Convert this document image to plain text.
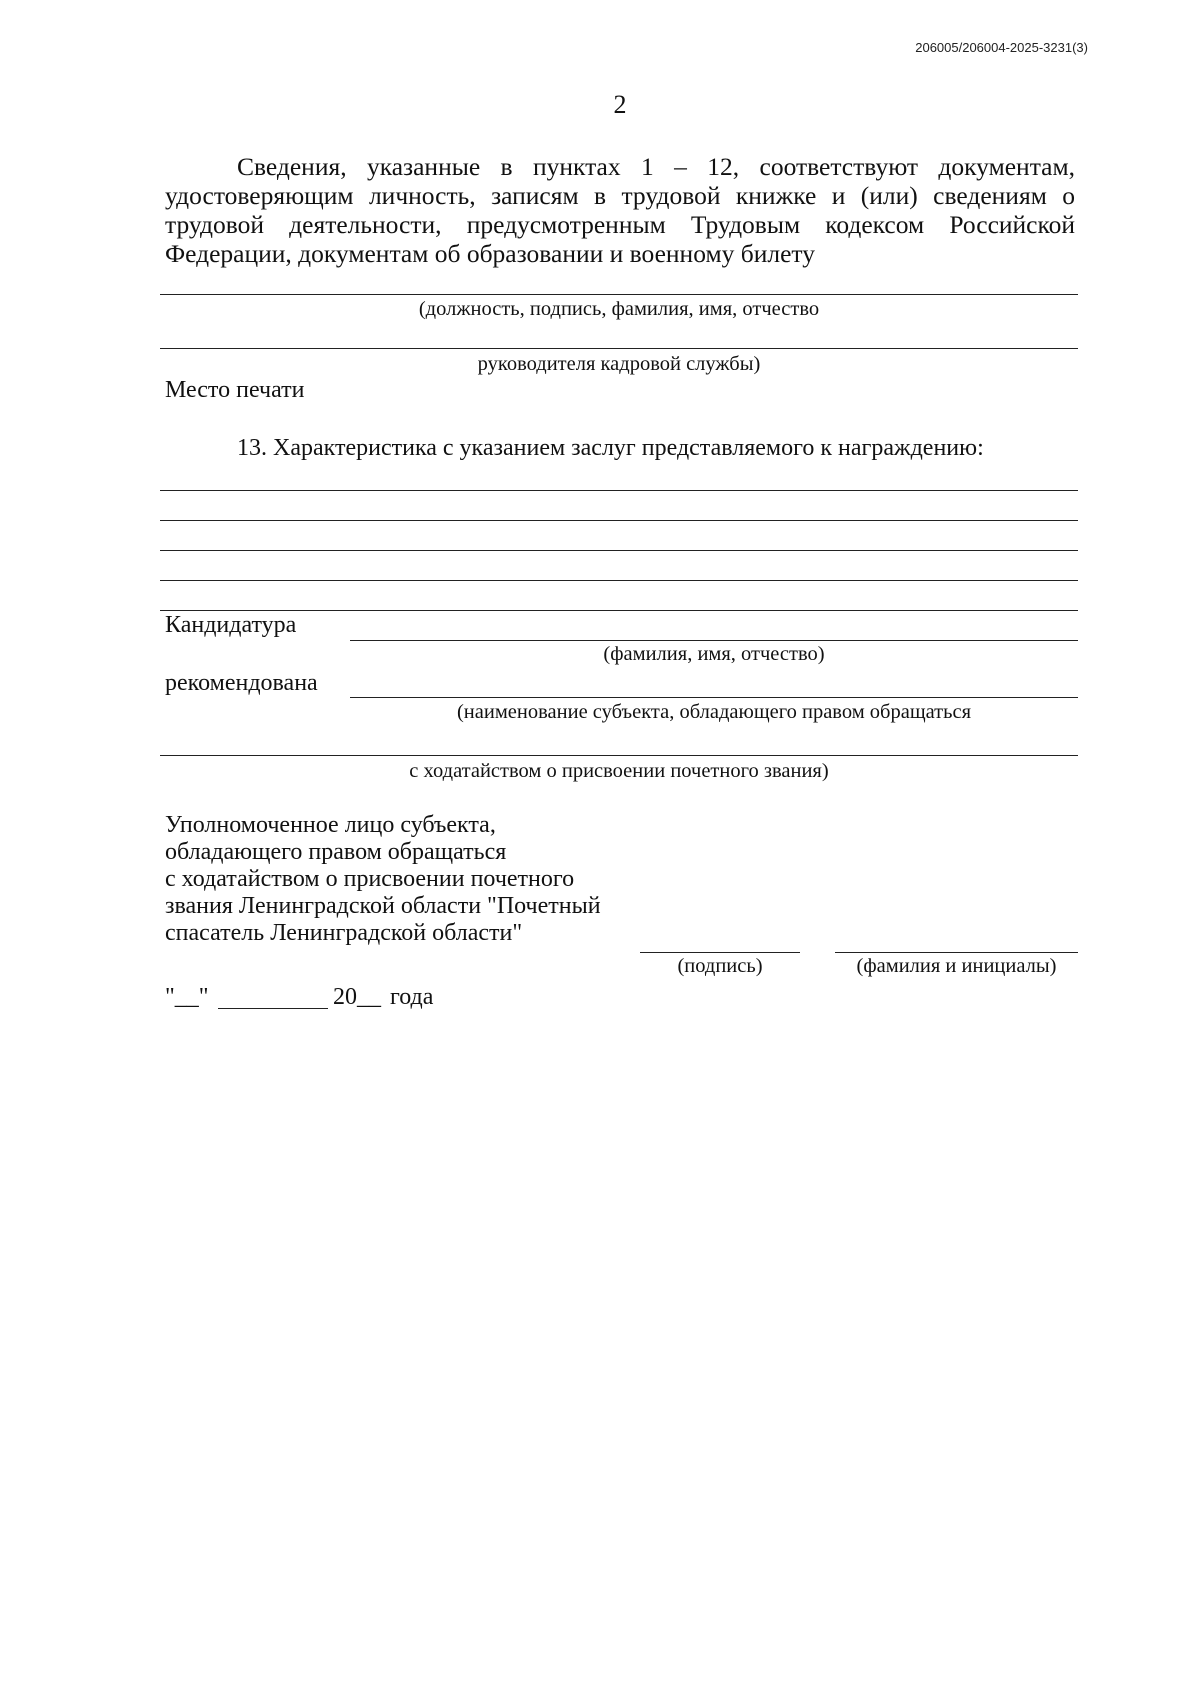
206005/206004-2025-3231(3)
2
Сведения, указанные в пунктах 1 – 12, соответствуют документам, удостоверяющим личность, записям в трудовой книжке и (или) сведениям о трудовой деятельности, предусмотренным Трудовым кодексом Российской Федерации, документам об образовании и военному билету
(должность, подпись, фамилия, имя, отчество
руководителя кадровой службы)
Место печати
13. Характеристика с указанием заслуг представляемого к награждению:
Кандидатура
(фамилия, имя, отчество)
рекомендована
(наименование субъекта, обладающего правом обращаться
с ходатайством о присвоении почетного звания)
Уполномоченное лицо субъекта,
обладающего правом обращаться
с ходатайством о присвоении почетного
звания Ленинградской области "Почетный
спасатель Ленинградской области"
(подпись)	(фамилия и инициалы)
"__"	20__ года
